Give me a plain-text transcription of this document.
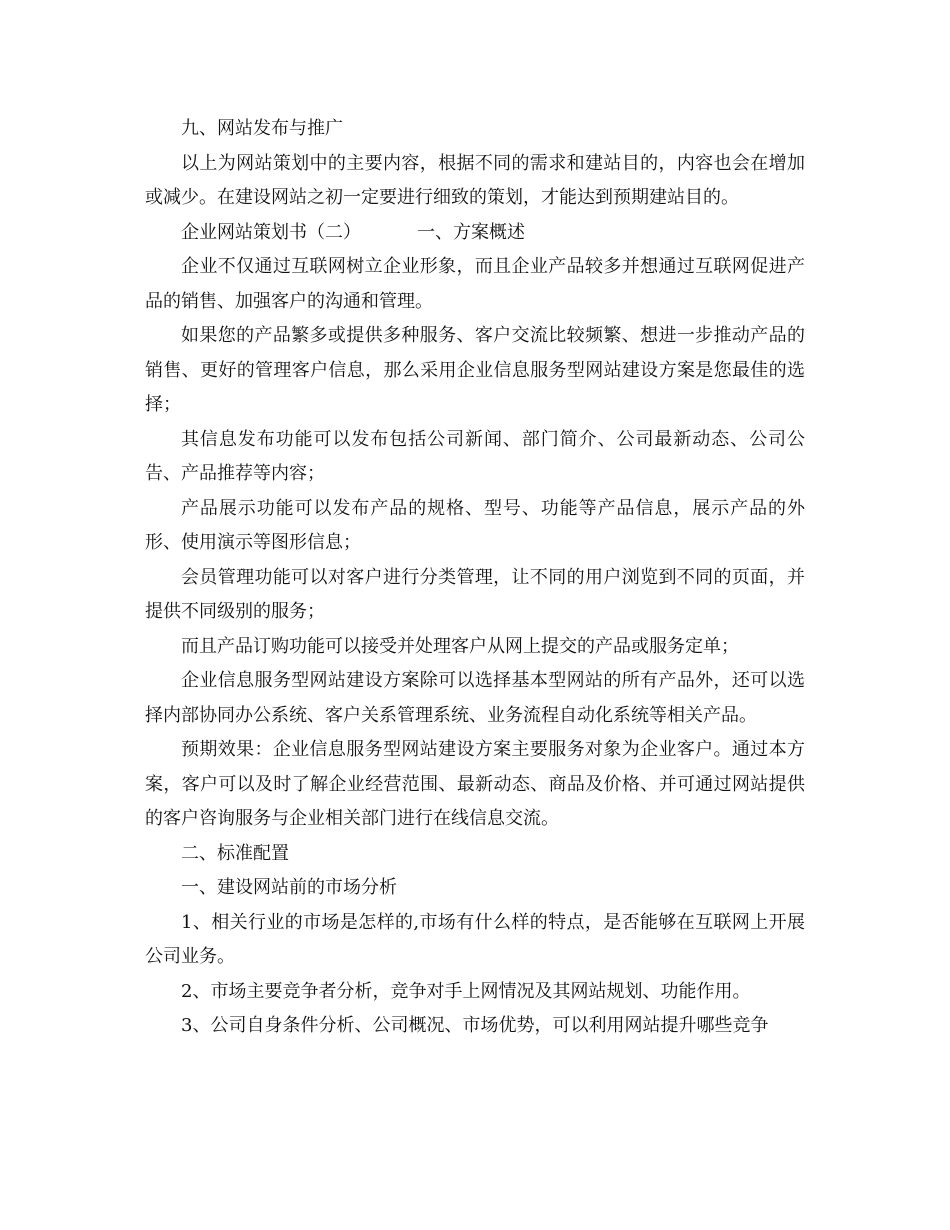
九、网站发布与推广

以上为网站策划中的主要内容，根据不同的需求和建站目的，内容也会在增加或减少。在建设网站之初一定要进行细致的策划，才能达到预期建站目的。

企业网站策划书（二）	一、方案概述

企业不仅通过互联网树立企业形象，而且企业产品较多并想通过互联网促进产品的销售、加强客户的沟通和管理。

如果您的产品繁多或提供多种服务、客户交流比较频繁、想进一步推动产品的销售、更好的管理客户信息，那么采用企业信息服务型网站建设方案是您最佳的选择；

其信息发布功能可以发布包括公司新闻、部门简介、公司最新动态、公司公告、产品推荐等内容；

产品展示功能可以发布产品的规格、型号、功能等产品信息，展示产品的外形、使用演示等图形信息；

会员管理功能可以对客户进行分类管理，让不同的用户浏览到不同的页面，并提供不同级别的服务；

而且产品订购功能可以接受并处理客户从网上提交的产品或服务定单；

企业信息服务型网站建设方案除可以选择基本型网站的所有产品外，还可以选择内部协同办公系统、客户关系管理系统、业务流程自动化系统等相关产品。

预期效果：企业信息服务型网站建设方案主要服务对象为企业客户。通过本方案，客户可以及时了解企业经营范围、最新动态、商品及价格、并可通过网站提供的客户咨询服务与企业相关部门进行在线信息交流。

二、标准配置

一、建设网站前的市场分析

1、相关行业的市场是怎样的,市场有什么样的特点，是否能够在互联网上开展公司业务。

2、市场主要竞争者分析，竞争对手上网情况及其网站规划、功能作用。

3、公司自身条件分析、公司概况、市场优势，可以利用网站提升哪些竞争
